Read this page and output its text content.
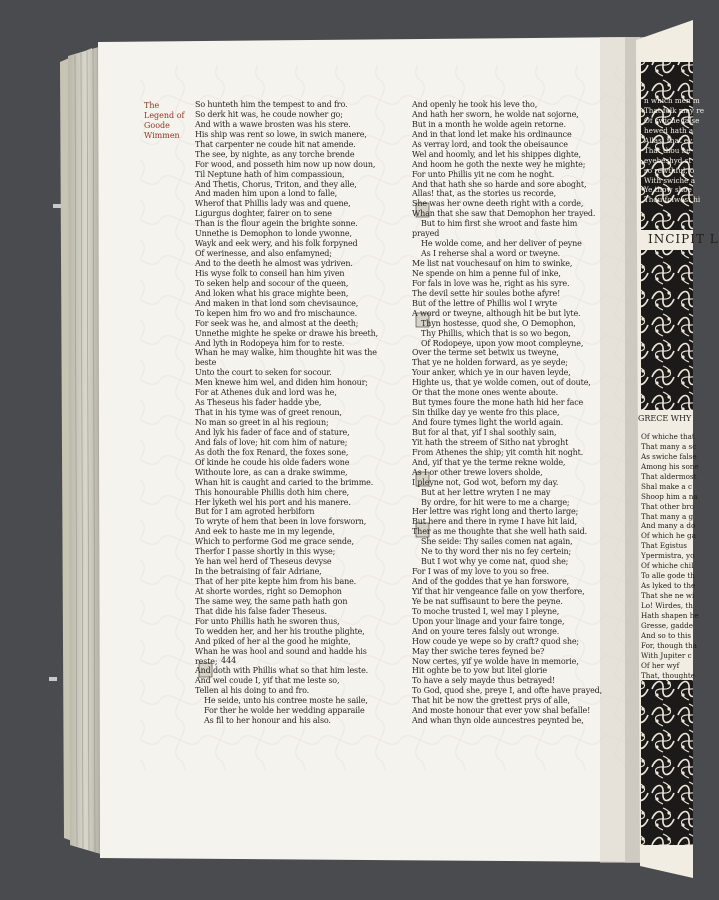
The
Legend of
Goode
Wimmen
So hunteth him the tempest to and fro.
So derk hit was, he coude nowher go;
And with a wawe brosten was his stere.
His ship was rent so lowe, in swich manere,
That carpenter ne coude hit nat amende.
The see, by nighte, as any torche brende
For wood, and posseth him now up now doun,
Til Neptune hath of him compassioun,
And Thetis, Chorus, Triton, and they alle,
And maden him upon a lond to falle,
Wherof that Phillis lady was and quene,
Ligurgus doghter, fairer on to sene
Than is the flour agein the brighte sonne.
Unnethe is Demophon to londe ywonne,
Wayk and eek wery, and his folk forpyned
Of werinesse, and also enfamyned;
And to the deeth he almost was ydriven.
His wyse folk to conseil han him yiven
To seken help and socour of the queen,
And loken what his grace mighte been,
And maken in that lond som chevisaunce,
To kepen him fro wo and fro mischaunce.
For seek was he, and almost at the deeth;
Unnethe mighte he speke or drawe his breeth,
And lyth in Rodopeya him for to reste.
Whan he may walke, him thoughte hit was the
beste
Unto the court to seken for socour.
Men knewe him wel, and diden him honour;
For at Athenes duk and lord was he,
As Theseus his fader hadde ybe,
That in his tyme was of greet renoun,
No man so greet in al his regioun;
And lyk his fader of face and of stature,
And fals of love; hit com him of nature;
As doth the fox Renard, the foxes sone,
Of kinde he coude his olde faders wone
Withoute lore, as can a drake swimme,
Whan hit is caught and caried to the brimme.
This honourable Phillis doth him chere,
Her lyketh wel his port and his manere.
But for I am agroted herbiforn
To wryte of hem that been in love forsworn,
And eek to haste me in my legende,
Which to performe God me grace sende,
Therfor I passe shortly in this wyse;
Ye han wel herd of Theseus devyse
In the betraising of fair Adriane,
That of her pite kepte him from his bane.
At shorte wordes, right so Demophon
The same wey, the same path hath gon
That dide his false fader Theseus.
For unto Phillis hath he sworen thus,
To wedden her, and her his trouthe plighte,
And piked of her al the good he mighte,
Whan he was hool and sound and hadde his
reste;
And doth with Phillis what so that him leste.
And wel coude I, yif that me leste so,
Tellen al his doing to and fro.
He seide, unto his contree moste he saile,
For ther he wolde her wedding apparaile
As fil to her honour and his also.
And openly he took his leve tho,
And hath her sworn, he wolde nat sojorne,
But in a month he wolde agein retorne.
And in that lond let make his ordinaunce
As verray lord, and took the obeisaunce
Wel and hoomly, and let his shippes dighte,
And hoom he goth the nexte wey he mighte;
For unto Phillis yit ne com he noght.
And that hath she so harde and sore aboght,
Allas! that, as the stories us recorde,
She was her owne deeth right with a corde,
Whan that she saw that Demophon her trayed.
But to him first she wroot and faste him
prayed
He wolde come, and her deliver of peyne
As I reherse shal a word or tweyne.
Me list nat vouchesauf on him to swinke,
Ne spende on him a penne ful of inke,
For fals in love was he, right as his syre.
The devil sette hir soules bothe afyre!
But of the lettre of Phillis wol I wryte
A word or tweyne, although hit be but lyte.
Thyn hostesse, quod she, O Demophon,
Thy Phillis, which that is so wo begon,
Of Rodopeye, upon yow moot compleyne,
Over the terme set betwix us tweyne,
That ye ne holden forward, as ye seyde;
Your anker, which ye in our haven leyde,
Highte us, that ye wolde comen, out of doute,
Or that the mone ones wente aboute.
But tymes foure the mone hath hid her face
Sin thilke day ye wente fro this place,
And foure tymes light the world again.
But for al that, yif I shal soothly sain,
Yit hath the streem of Sitho nat ybroght
From Athenes the ship; yit comth hit noght.
And, yif that ye the terme rekne wolde,
As I or other trewe lovers sholde,
I pleyne not, God wot, beforn my day.
But at her lettre wryten I ne may
By ordre, for hit were to me a charge;
Her lettre was right long and therto large;
But here and there in ryme I have hit laid,
Ther as me thoughte that she well hath said.
She seide: Thy sailes comen nat again,
Ne to thy word ther nis no fey certein;
But I wot why ye come nat, quod she;
For I was of my love to you so free.
And of the goddes that ye han forswore,
Yif that hir vengeance falle on yow therfore,
Ye be nat suffisaunt to bere the peyne.
To moche trusted I, wel may I pleyne,
Upon your linage and your faire tonge,
And on youre teres falsly out wronge.
How coude ye wepe so by craft? quod she;
May ther swiche teres feyned be?
Now certes, yif ye wolde have in memorie,
Hit oghte be to yow but litel glorie
To have a sely mayde thus betrayed!
To God, quod she, preye I, and ofte have prayed,
That hit be now the grettest prys of alle,
And moste honour that ever yow shal befalle!
And whan thyn olde auncestres peynted be,
444
n which men m
That folk may re
Of swiche false
hewed hath a
Allas! that ev
That thou ne
eyebeshyd st
so rewthful, o
With swiche a
Ye thow shoe
Thou folwest hi
INCIPIT L
GRECE WHY
Of whiche that
That many a sc
As swiche false
Among his sone
That aldermost
Shal make a c
Shoop him a na
That other bro
That many a g
And many a do
Of which he ga
That Egistus
Ypermistra, yo
Of whiche chil
To alle gode th
As lyked to the
That she ne wi
Lo! Wirdes, th
Hath shapen he
Gresse, gadde
And so to this
For, though tha
With Jupiter c
Of her wyf
That, thoughte
